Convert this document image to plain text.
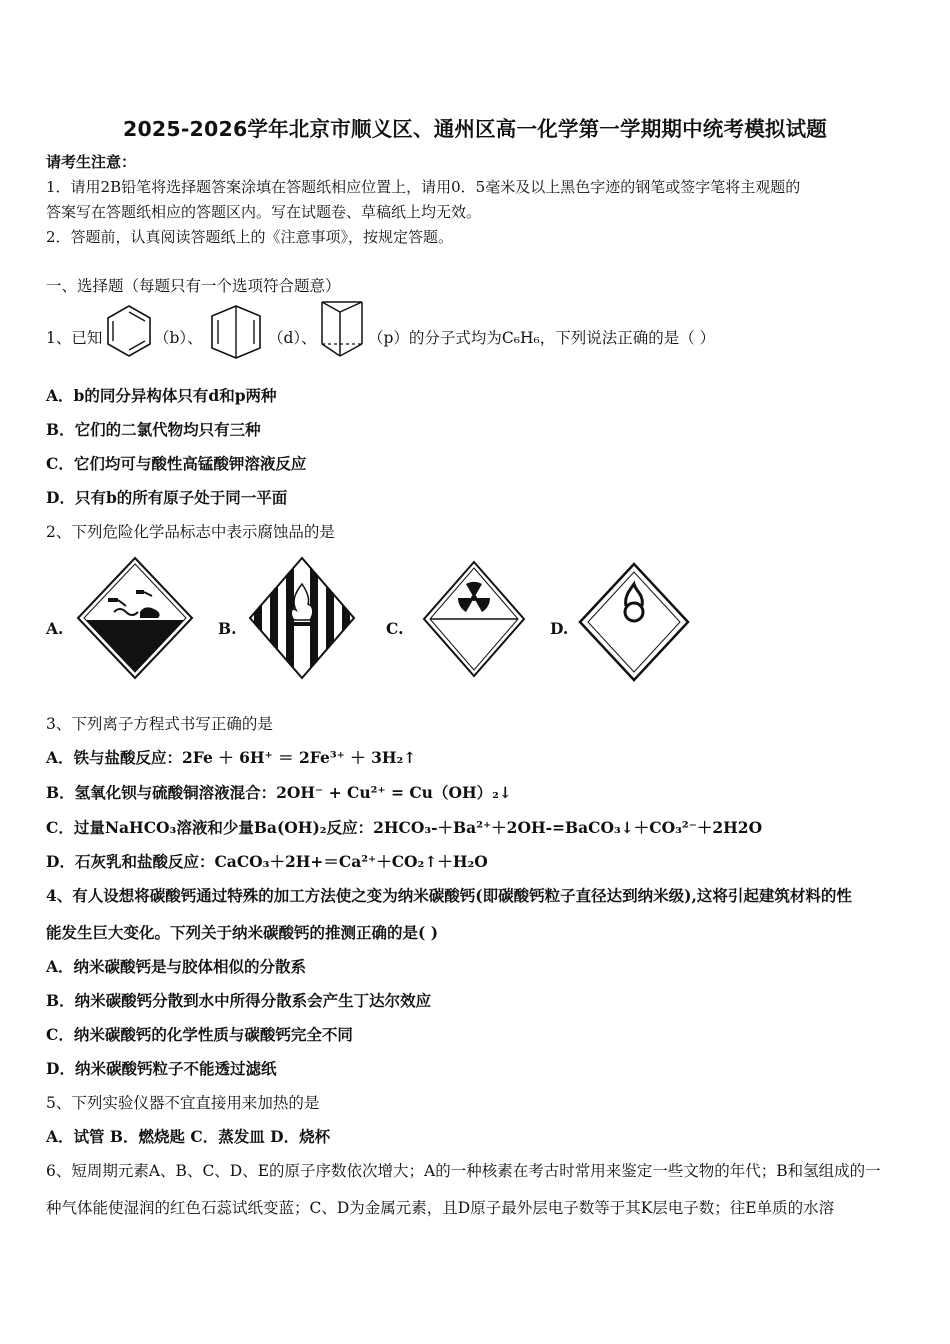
2025-2026学年北京市顺义区、通州区高一化学第一学期期中统考模拟试题
请考生注意：
1．请用2B铅笔将选择题答案涂填在答题纸相应位置上，请用0．5毫米及以上黑色字迹的钢笔或签字笔将主观题的
答案写在答题纸相应的答题区内。写在试题卷、草稿纸上均无效。
2．答题前，认真阅读答题纸上的《注意事项》，按规定答题。
一、选择题（每题只有一个选项符合题意）
1、已知	（b）、	（d）、	（p）的分子式均为C₆H₆，下列说法正确的是（ ）
A．b的同分异构体只有d和p两种
B．它们的二氯代物均只有三种
C．它们均可与酸性高锰酸钾溶液反应
D．只有b的所有原子处于同一平面
2、下列危险化学品标志中表示腐蚀品的是
A.	B.	C.	D.
3、下列离子方程式书写正确的是
A．铁与盐酸反应：2Fe ＋ 6H⁺ ＝ 2Fe³⁺ ＋ 3H₂↑
B．氢氧化钡与硫酸铜溶液混合：2OH⁻ + Cu²⁺ = Cu（OH）₂↓
C．过量NaHCO₃溶液和少量Ba(OH)₂反应：2HCO₃-＋Ba²⁺＋2OH-=BaCO₃↓＋CO₃²⁻＋2H2O
D．石灰乳和盐酸反应：CaCO₃＋2H+＝Ca²⁺＋CO₂↑＋H₂O
4、有人设想将碳酸钙通过特殊的加工方法使之变为纳米碳酸钙(即碳酸钙粒子直径达到纳米级),这将引起建筑材料的性
能发生巨大变化。下列关于纳米碳酸钙的推测正确的是( )
A．纳米碳酸钙是与胶体相似的分散系
B．纳米碳酸钙分散到水中所得分散系会产生丁达尔效应
C．纳米碳酸钙的化学性质与碳酸钙完全不同
D．纳米碳酸钙粒子不能透过滤纸
5、下列实验仪器不宜直接用来加热的是
A．试管 B．燃烧匙 C．蒸发皿 D．烧杯
6、短周期元素A、B、C、D、E的原子序数依次增大；A的一种核素在考古时常用来鉴定一些文物的年代；B和氢组成的一
种气体能使湿润的红色石蕊试纸变蓝；C、D为金属元素，且D原子最外层电子数等于其K层电子数；往E单质的水溶
